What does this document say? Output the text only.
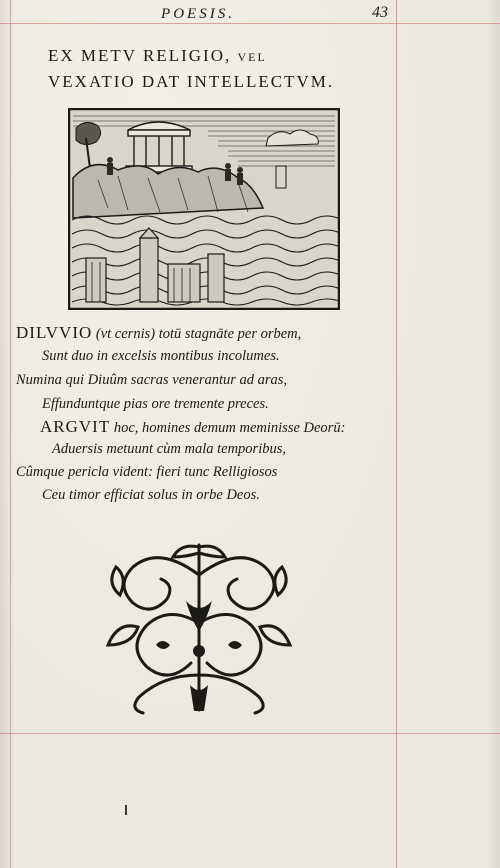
POESIS.	43
EX METV RELIGIO, vel
VEXATIO DAT INTELLECTVM.
DILVVIO (vt cernis) totū stagnāte per orbem,
Sunt duo in excelsis montibus incolumes.
Numina qui Diuûm sacras venerantur ad aras,
Effunduntque pias ore tremente preces.
ARGVIT hoc, homines demum meminisse Deorū:
Aduersis metuunt cùm mala temporibus,
Cûmque pericla vident: fieri tunc Relligiosos
Ceu timor efficiat solus in orbe Deos.
